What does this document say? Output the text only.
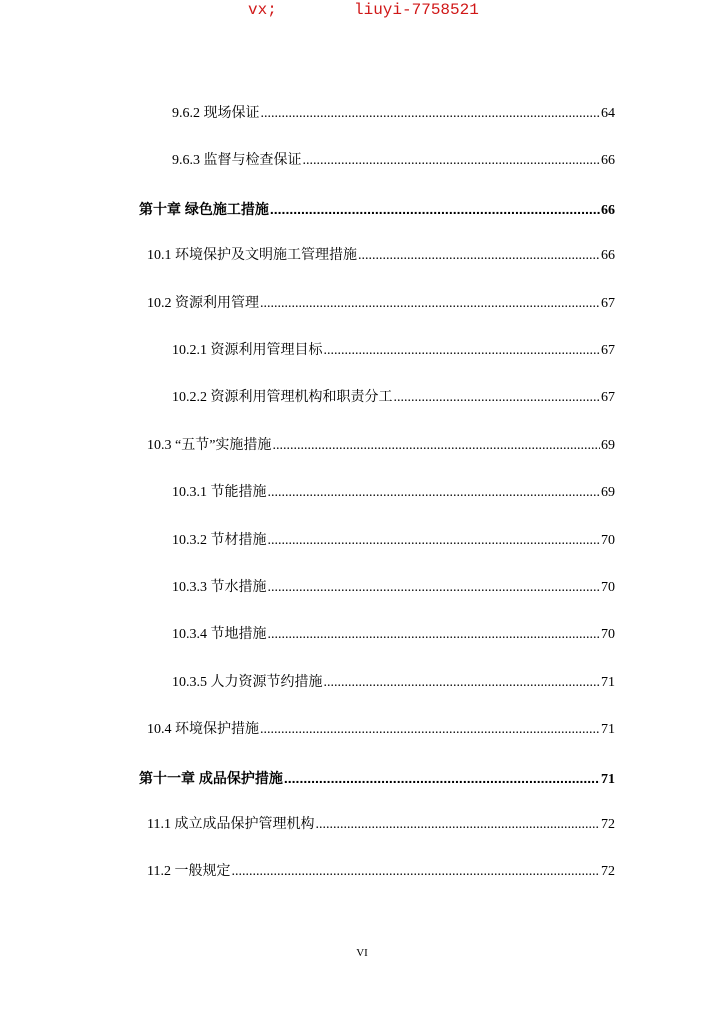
vx;	liuyi-7758521
9.6.2 现场保证 .....	64
9.6.3 监督与检查保证 .....	66
第十章 绿色施工措施 .....	66
10.1 环境保护及文明施工管理措施 .....	66
10.2 资源利用管理 .....	67
10.2.1 资源利用管理目标 .....	67
10.2.2 资源利用管理机构和职责分工 .....	67
10.3 “五节”实施措施 .....	69
10.3.1 节能措施 .....	69
10.3.2 节材措施 .....	70
10.3.3 节水措施 .....	70
10.3.4 节地措施 .....	70
10.3.5 人力资源节约措施 .....	71
10.4 环境保护措施 .....	71
第十一章 成品保护措施 .....	71
11.1 成立成品保护管理机构 .....	72
11.2 一般规定 .....	72
VI
